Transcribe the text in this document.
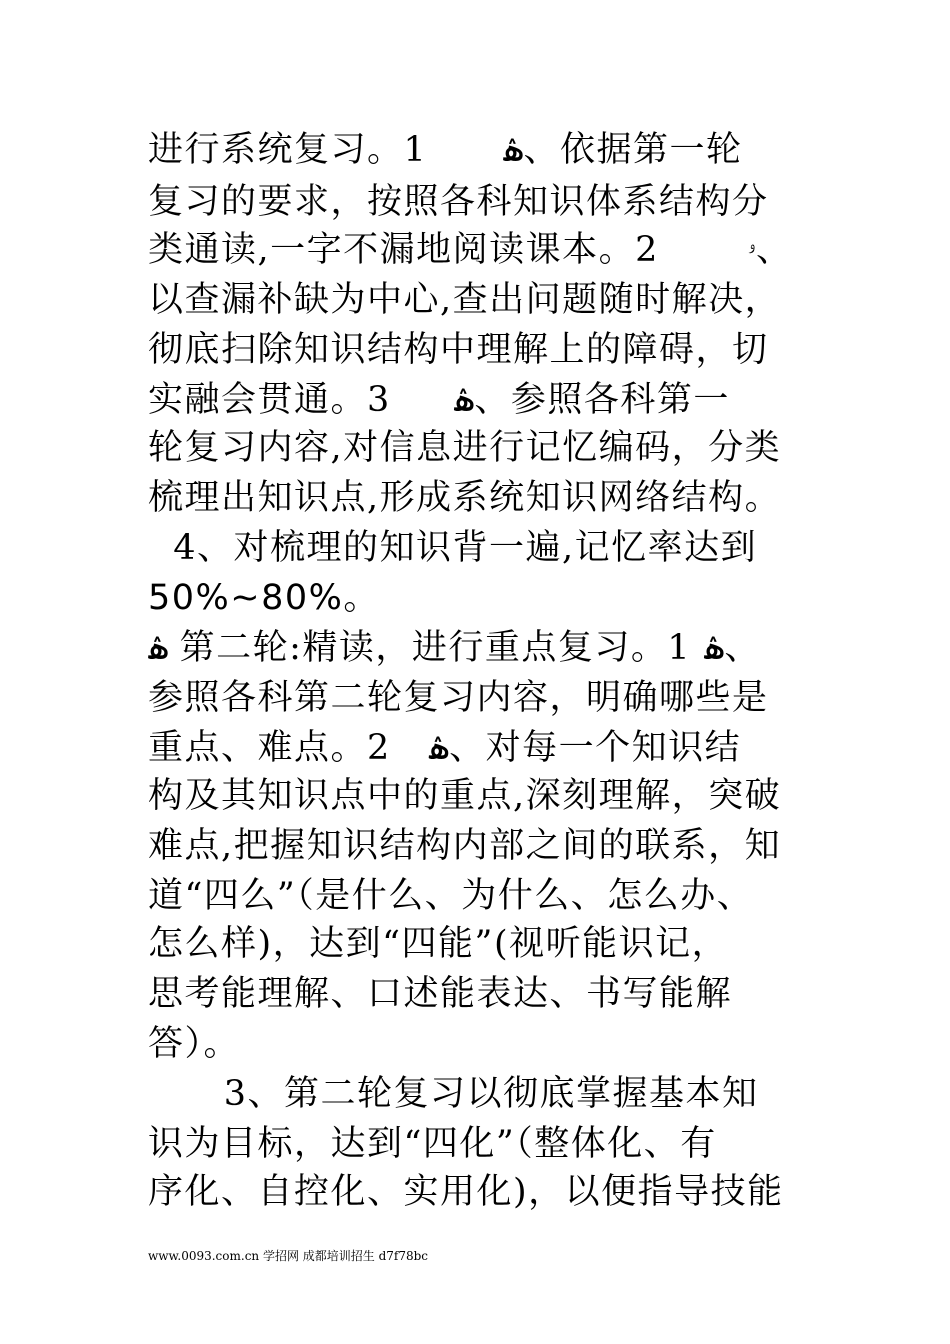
进行系统复习。1      ۿ、依据第一轮
复习的要求，按照各科知识体系结构分
类通读,一字不漏地阅读课本。2       ۥ、
以查漏补缺为中心,查出问题随时解决，
彻底扫除知识结构中理解上的障碍，切
实融会贯通。3     ۿ、参照各科第一
轮复习内容,对信息进行记忆编码，分类
梳理出知识点,形成系统知识网络结构。
4、对梳理的知识背一遍,记忆率达到
50%~80%。
ۿ 第二轮:精读，进行重点复习。1 ۿ、
参照各科第二轮复习内容，明确哪些是
重点、难点。2   ۿ、对每一个知识结
构及其知识点中的重点,深刻理解，突破
难点,把握知识结构内部之间的联系，知
道“四么”（是什么、为什么、怎么办、
怎么样)，达到“四能”(视听能识记，
思考能理解、口述能表达、书写能解
答）。
3、第二轮复习以彻底掌握基本知
识为目标，达到“四化”（整体化、有
序化、自控化、实用化)，以便指导技能
www.0093.com.cn 学招网 成都培训招生 d7f78bc
